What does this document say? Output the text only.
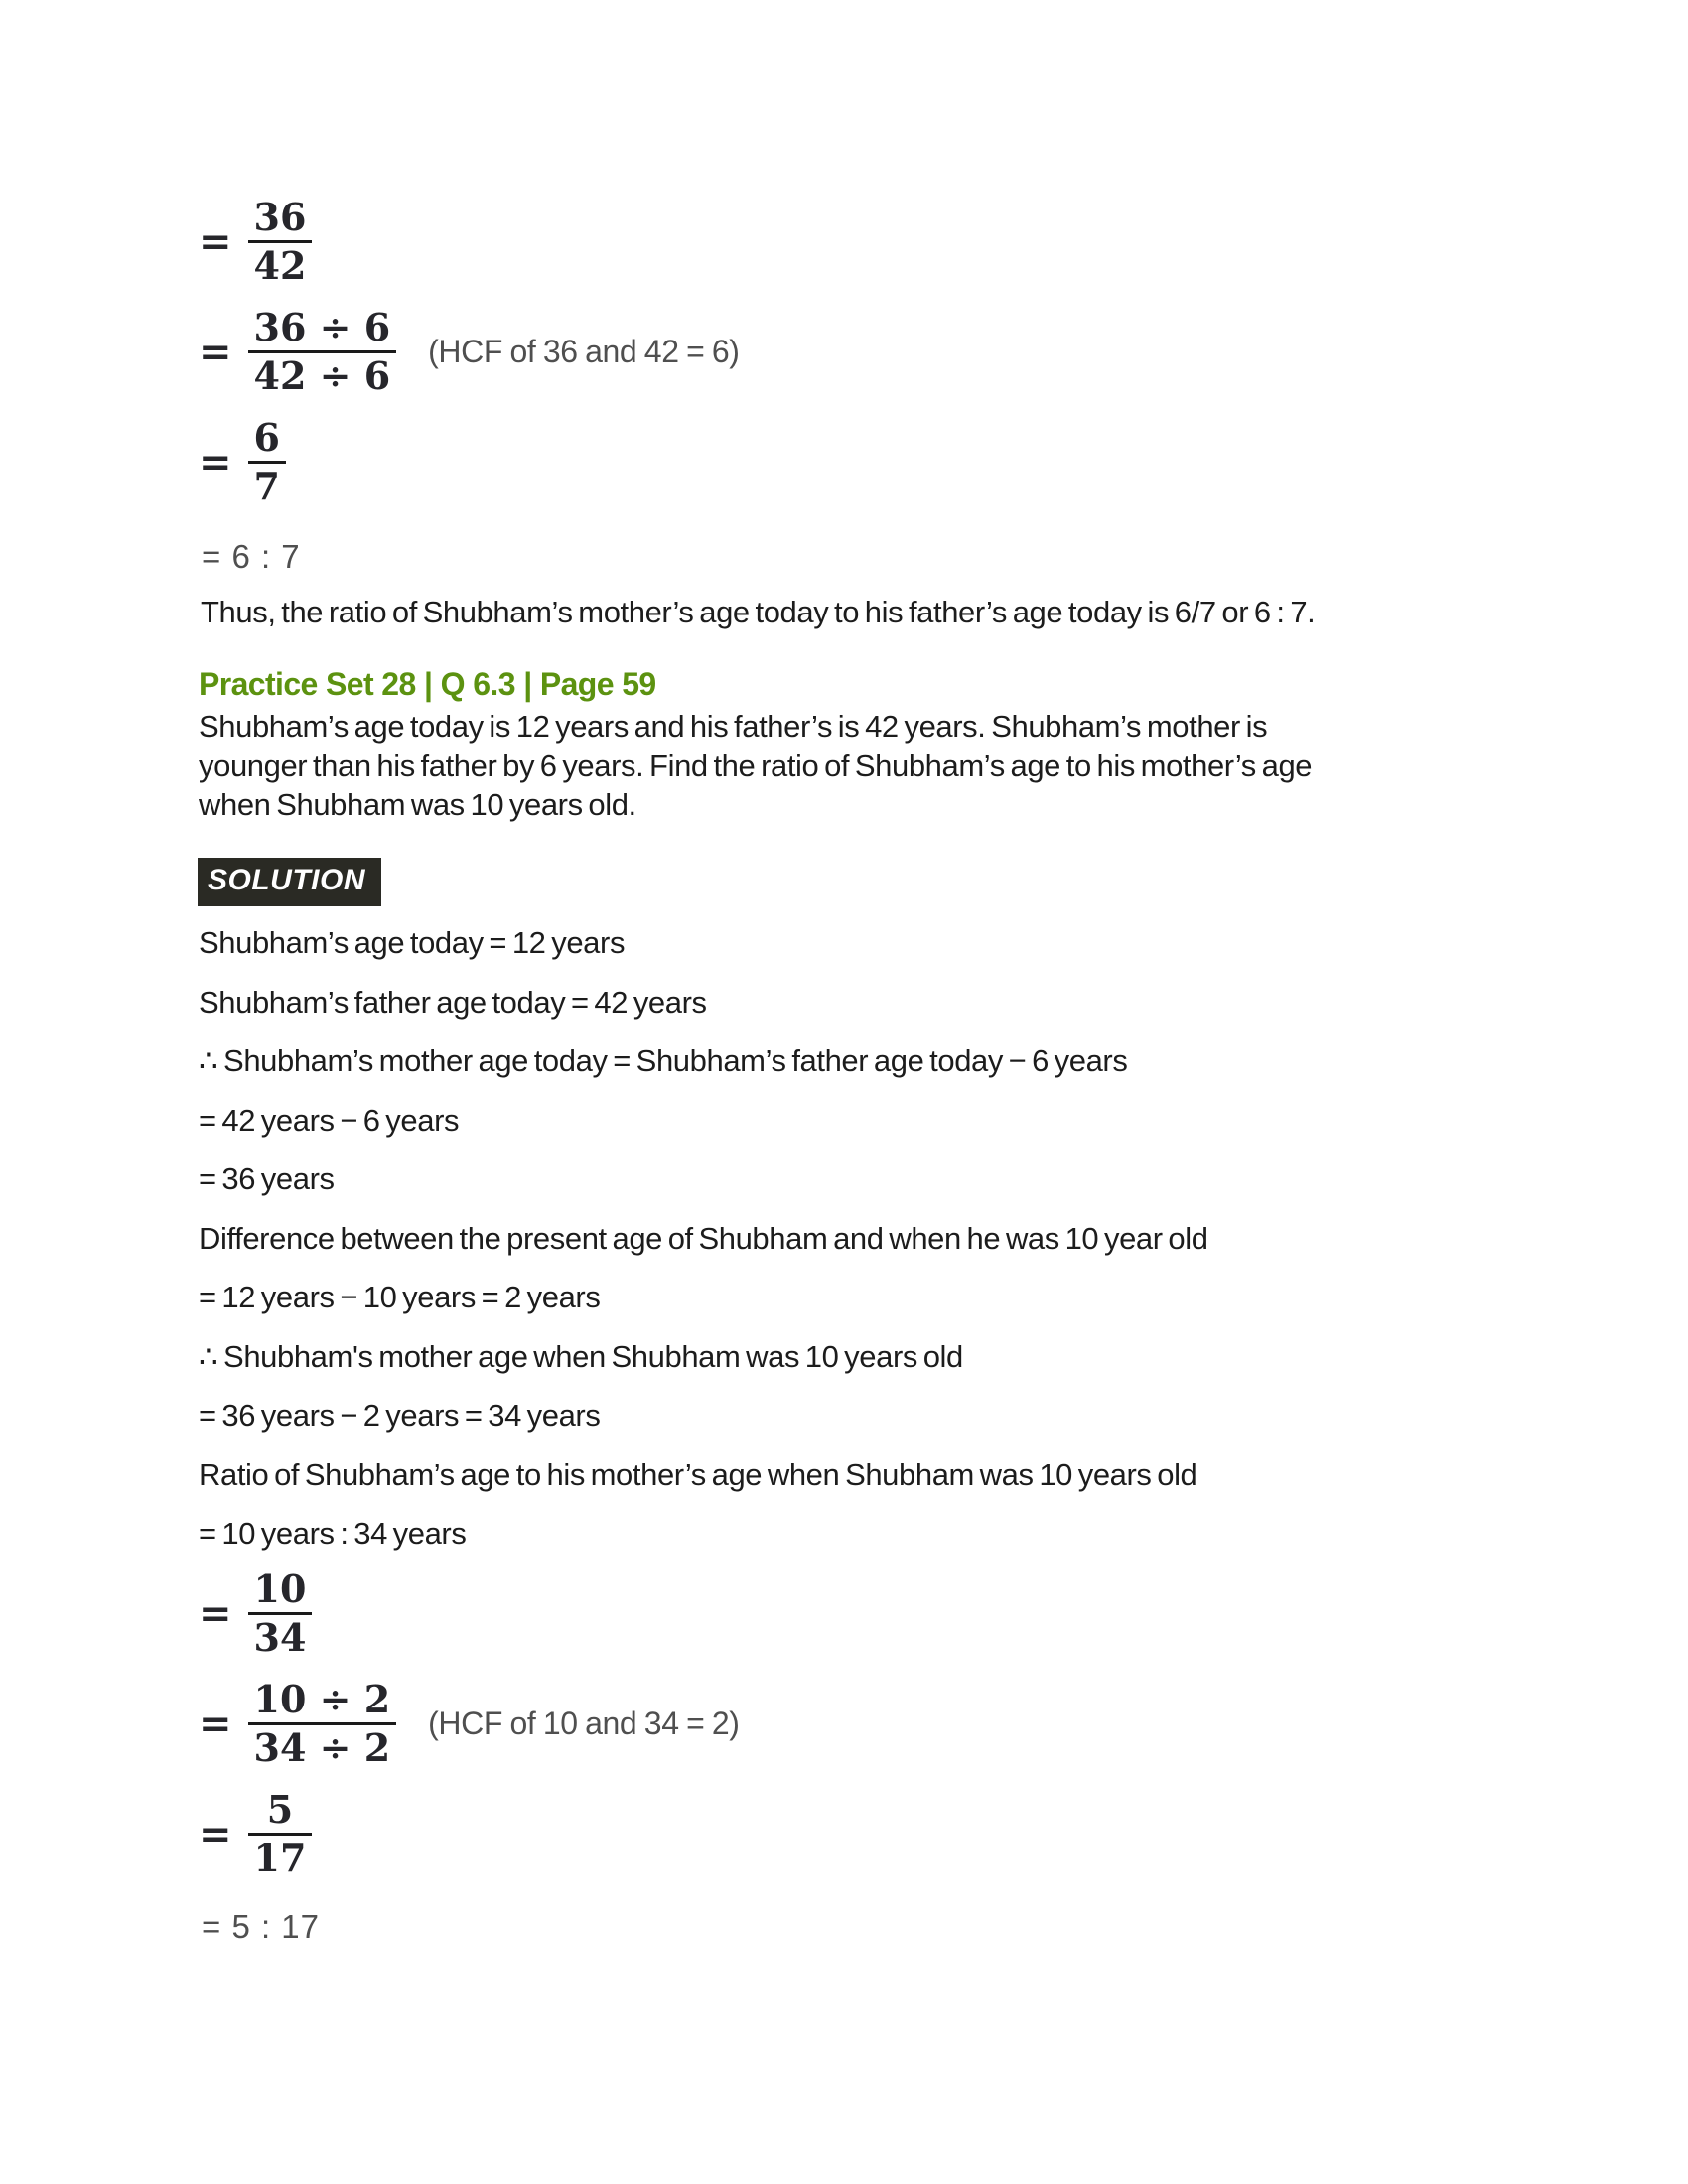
= $\frac{36}{42}$
= $\frac{36 \div 6}{42 \div 6} (HCF$ of 36 and 42 = 6)
= $\frac{6}{7}$
= 6 : 7

Thus, the ratio of Shubham’s mother’s age today to his father’s age today is 6/7 or 6 : 7.

Practice Set 28 | Q 6.3 | Page 59
Shubham’s age today is 12 years and his father’s is 42 years. Shubham’s mother is
younger than his father by 6 years. Find the ratio of Shubham’s age to his mother’s age
when Shubham was 10 years old.
SOLUTION
Shubham’s age today = 12 years
Shubham’s father age today = 42 years
∴ Shubham’s mother age today = Shubham’s father age today − 6 years
= 42 years − 6 years
= 36 years
Difference between the present age of Shubham and when he was 10 year old
= 12 years − 10 years = 2 years
∴ Shubham's mother age when Shubham was 10 years old
= 36 years − 2 years = 34 years
Ratio of Shubham’s age to his mother’s age when Shubham was 10 years old
= 10 years : 34 years
= $\frac{10}{34}$
= $\frac{10 \div 2}{34 \div 2} (HCF$ of 10 and 34 = 2)
= $\frac{5}{17}$
= 5 : 17
